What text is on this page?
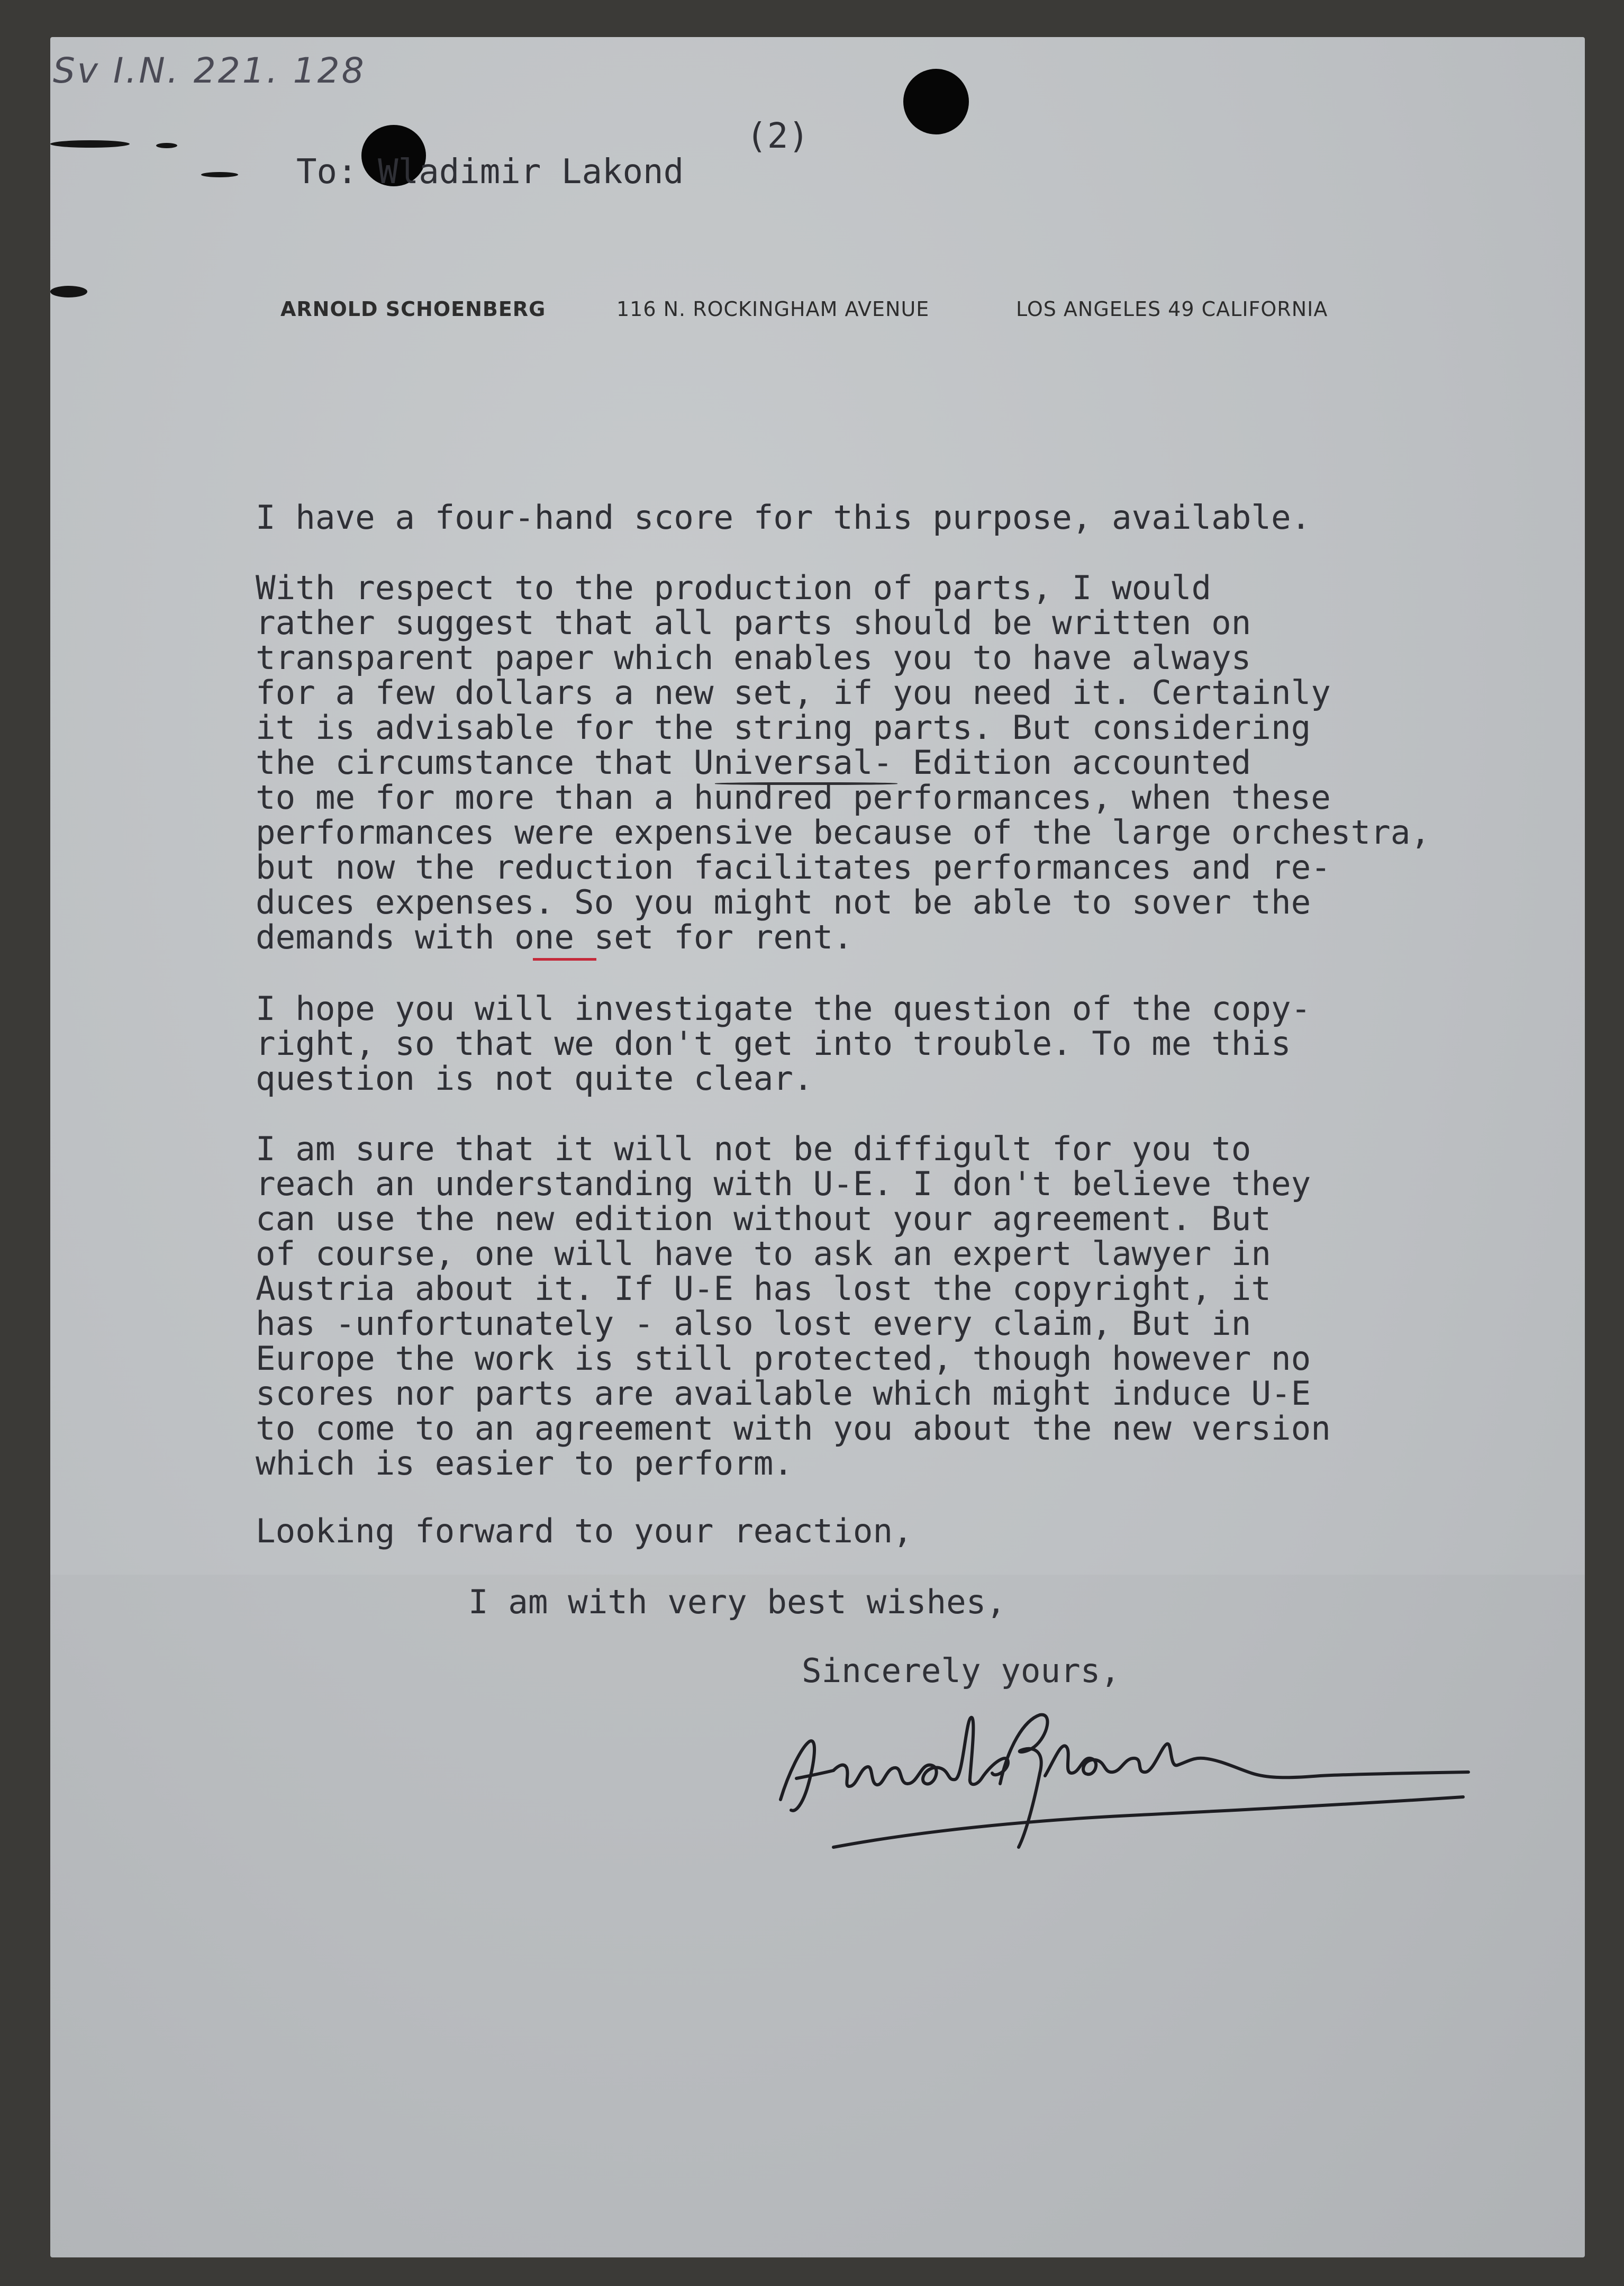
Sv I.N. 221. 128
(2)
To: Wladimir Lakond
ARNOLD SCHOENBERG	116 N. ROCKINGHAM AVENUE	LOS ANGELES 49 CALIFORNIA
I have a four-hand score for this purpose, available.
With respect to the production of parts, I would
rather suggest that all parts should be written on
transparent paper which enables you to have always
for a few dollars a new set, if you need it. Certainly
it is advisable for the string parts. But considering
the circumstance that Universal- Edition accounted
to me for more than a hundred performances, when these
performances were expensive because of the large orchestra,
but now the reduction facilitates performances and re-
duces expenses. So you might not be able to sover the
demands with one set for rent.
I hope you will investigate the question of the copy-
right, so that we don't get into trouble. To me this
question is not quite clear.
I am sure that it will not be diffigult for you to
reach an understanding with U-E. I don't believe they
can use the new edition without your agreement. But
of course, one will have to ask an expert lawyer in
Austria about it. If U-E has lost the copyright, it
has -unfortunately - also lost every claim, But in
Europe the work is still protected, though however no
scores nor parts are available which might induce U-E
to come to an agreement with you about the new version
which is easier to perform.
Looking forward to your reaction,
I am with very best wishes,
Sincerely yours,
